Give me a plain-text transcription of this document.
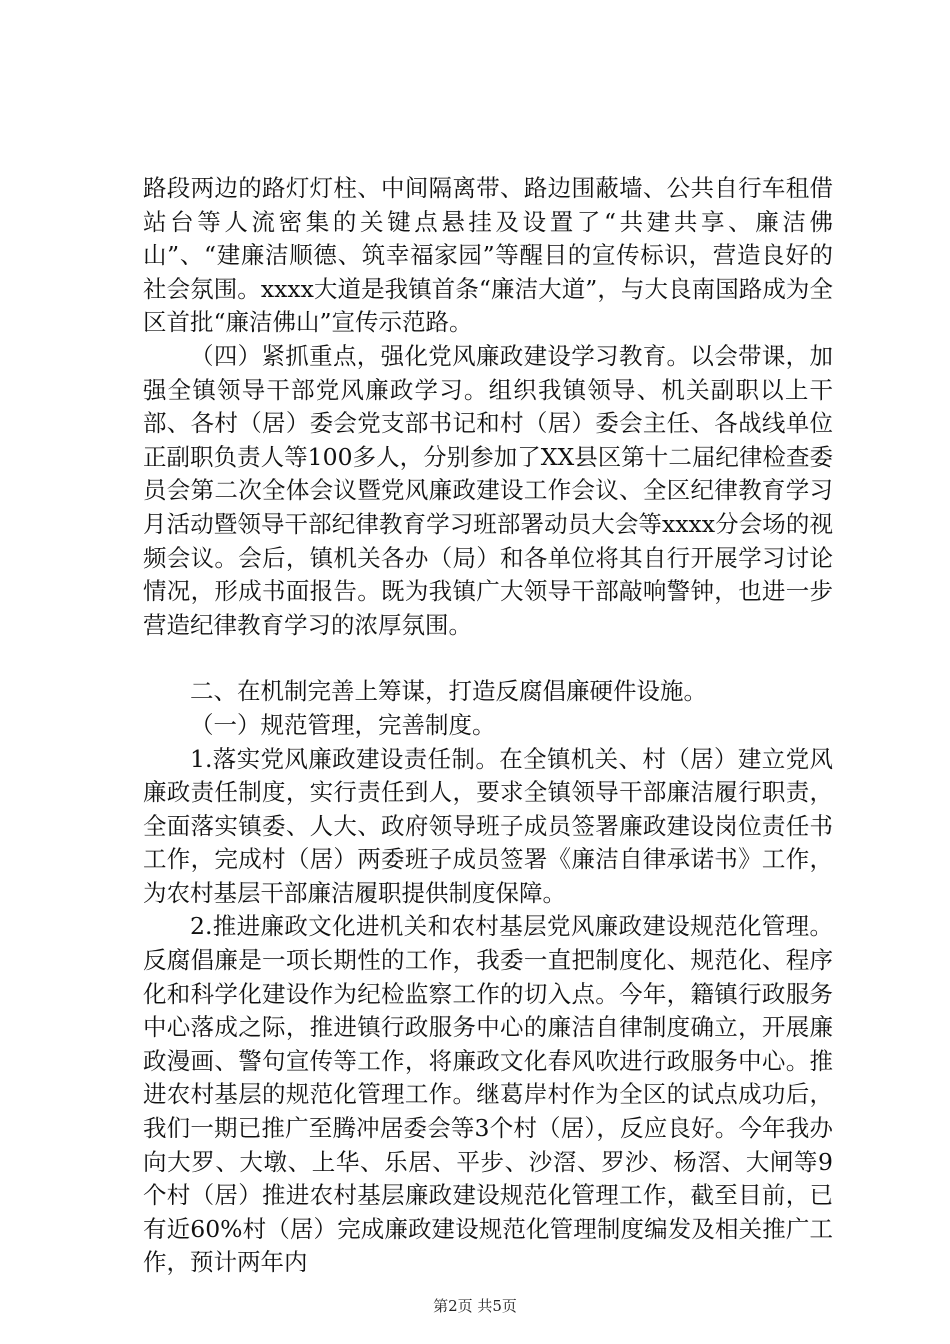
路段两边的路灯灯柱、中间隔离带、路边围蔽墙、公共自行车租借站台等人流密集的关键点悬挂及设置了“共建共享、廉洁佛山”、“建廉洁顺德、筑幸福家园”等醒目的宣传标识，营造良好的社会氛围。xxxx大道是我镇首条“廉洁大道”，与大良南国路成为全区首批“廉洁佛山”宣传示范路。

（四）紧抓重点，强化党风廉政建设学习教育。以会带课，加强全镇领导干部党风廉政学习。组织我镇领导、机关副职以上干部、各村（居）委会党支部书记和村（居）委会主任、各战线单位正副职负责人等100多人，分别参加了XX县区第十二届纪律检查委员会第二次全体会议暨党风廉政建设工作会议、全区纪律教育学习月活动暨领导干部纪律教育学习班部署动员大会等xxxx分会场的视频会议。会后，镇机关各办（局）和各单位将其自行开展学习讨论情况，形成书面报告。既为我镇广大领导干部敲响警钟，也进一步营造纪律教育学习的浓厚氛围。

二、在机制完善上筹谋，打造反腐倡廉硬件设施。

（一）规范管理，完善制度。

1.落实党风廉政建设责任制。在全镇机关、村（居）建立党风廉政责任制度，实行责任到人，要求全镇领导干部廉洁履行职责，全面落实镇委、人大、政府领导班子成员签署廉政建设岗位责任书工作，完成村（居）两委班子成员签署《廉洁自律承诺书》工作，为农村基层干部廉洁履职提供制度保障。

2.推进廉政文化进机关和农村基层党风廉政建设规范化管理。反腐倡廉是一项长期性的工作，我委一直把制度化、规范化、程序化和科学化建设作为纪检监察工作的切入点。今年，籍镇行政服务中心落成之际，推进镇行政服务中心的廉洁自律制度确立，开展廉政漫画、警句宣传等工作，将廉政文化春风吹进行政服务中心。推进农村基层的规范化管理工作。继葛岸村作为全区的试点成功后，我们一期已推广至腾冲居委会等3个村（居），反应良好。今年我办向大罗、大墩、上华、乐居、平步、沙滘、罗沙、杨滘、大闸等9个村（居）推进农村基层廉政建设规范化管理工作，截至目前，已有近60%村（居）完成廉政建设规范化管理制度编发及相关推广工作，预计两年内

第2页 共5页
